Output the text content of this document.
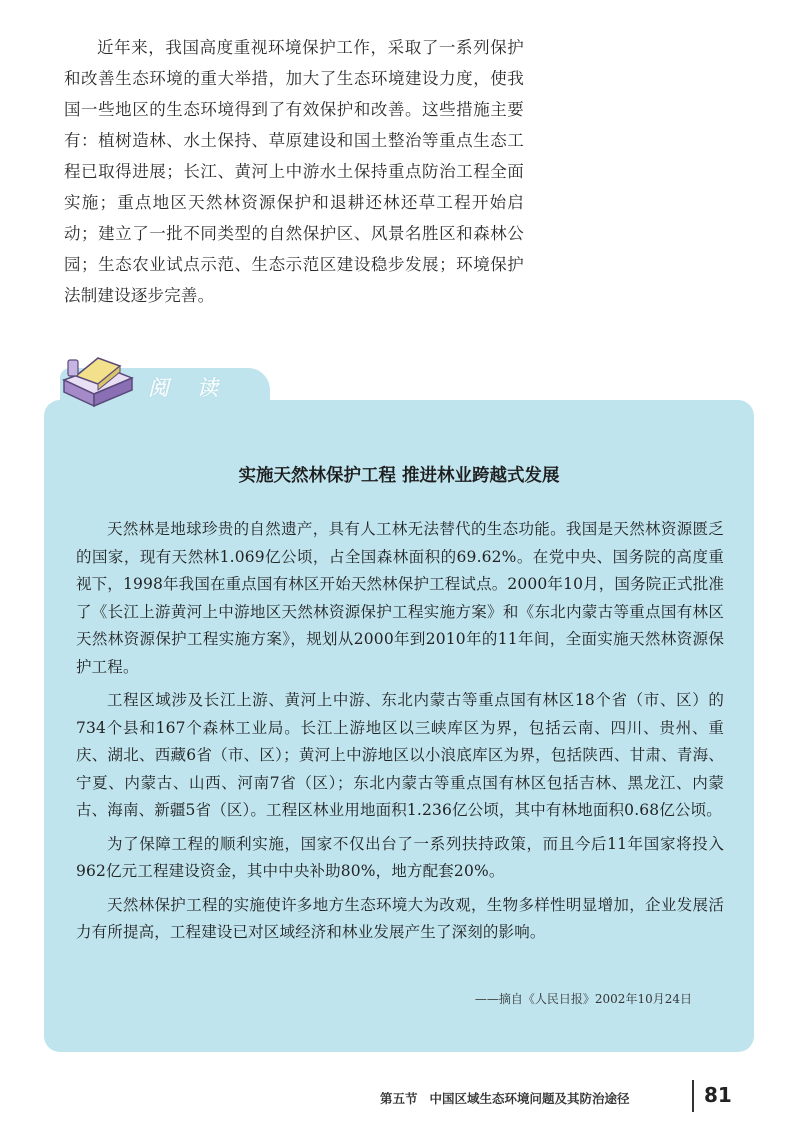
近年来，我国高度重视环境保护工作，采取了一系列保护和改善生态环境的重大举措，加大了生态环境建设力度，使我国一些地区的生态环境得到了有效保护和改善。这些措施主要有：植树造林、水土保持、草原建设和国土整治等重点生态工程已取得进展；长江、黄河上中游水土保持重点防治工程全面实施；重点地区天然林资源保护和退耕还林还草工程开始启动；建立了一批不同类型的自然保护区、风景名胜区和森林公园；生态农业试点示范、生态示范区建设稳步发展；环境保护法制建设逐步完善。

阅读
实施天然林保护工程 推进林业跨越式发展

天然林是地球珍贵的自然遗产，具有人工林无法替代的生态功能。我国是天然林资源匮乏的国家，现有天然林1.069亿公顷，占全国森林面积的69.62%。在党中央、国务院的高度重视下，1998年我国在重点国有林区开始天然林保护工程试点。2000年10月，国务院正式批准了《长江上游黄河上中游地区天然林资源保护工程实施方案》和《东北内蒙古等重点国有林区天然林资源保护工程实施方案》，规划从2000年到2010年的11年间，全面实施天然林资源保护工程。

工程区域涉及长江上游、黄河上中游、东北内蒙古等重点国有林区18个省（市、区）的734个县和167个森林工业局。长江上游地区以三峡库区为界，包括云南、四川、贵州、重庆、湖北、西藏6省（市、区）；黄河上中游地区以小浪底库区为界，包括陕西、甘肃、青海、宁夏、内蒙古、山西、河南7省（区）；东北内蒙古等重点国有林区包括吉林、黑龙江、内蒙古、海南、新疆5省（区）。工程区林业用地面积1.236亿公顷，其中有林地面积0.68亿公顷。

为了保障工程的顺利实施，国家不仅出台了一系列扶持政策，而且今后11年国家将投入962亿元工程建设资金，其中中央补助80%，地方配套20%。

天然林保护工程的实施使许多地方生态环境大为改观，生物多样性明显增加，企业发展活力有所提高，工程建设已对区域经济和林业发展产生了深刻的影响。

——摘自《人民日报》2002年10月24日

第五节 中国区域生态环境问题及其防治途径	81
